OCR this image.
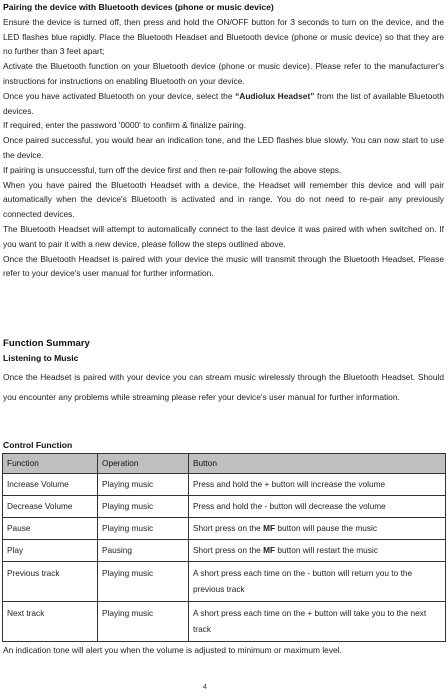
Pairing the device with Bluetooth devices (phone or music device)

Ensure the device is turned off, then press and hold the ON/OFF button for 3 seconds to turn on the device, and the LED flashes blue rapidly. Place the Bluetooth Headset and Bluetooth device (phone or music device) so that they are no further than 3 feet apart;

Activate the Bluetooth function on your Bluetooth device (phone or music device). Please refer to the manufacturer's instructions for instructions on enabling Bluetooth on your device.

Once you have activated Bluetooth on your device, select the “Audiolux Headset” from the list of available Bluetooth devices.

If required, enter the password '0000' to confirm & finalize pairing.

Once paired successful, you would hear an indication tone, and the LED flashes blue slowly. You can now start to use the device.

If pairing is unsuccessful, turn off the device first and then re-pair following the above steps.

When you have paired the Bluetooth Headset with a device, the Headset will remember this device and will pair automatically when the device's Bluetooth is activated and in range. You do not need to re-pair any previously connected devices.

The Bluetooth Headset will attempt to automatically connect to the last device it was paired with when switched on. If you want to pair it with a new device, please follow the steps outlined above.

Once the Bluetooth Headset is paired with your device the music will transmit through the Bluetooth Headset. Please refer to your device's user manual for further information.

Function Summary
Listening to Music
Once the Headset is paired with your device you can stream music wirelessly through the Bluetooth Headset. Should you encounter any problems while streaming please refer your device's user manual for further information.
Control Function
Function	Operation	Button
Increase Volume	Playing music	Press and hold the + button will increase the volume
Decrease Volume	Playing music	Press and hold the - button will decrease the volume
Pause	Playing music	Short press on the MF button will pause the music
Play	Pausing	Short press on the MF button will restart the music
Previous track	Playing music	A short press each time on the - button will return you to the previous track
Next track	Playing music	A short press each time on the + button will take you to the next track
An indication tone will alert you when the volume is adjusted to minimum or maximum level.
4
